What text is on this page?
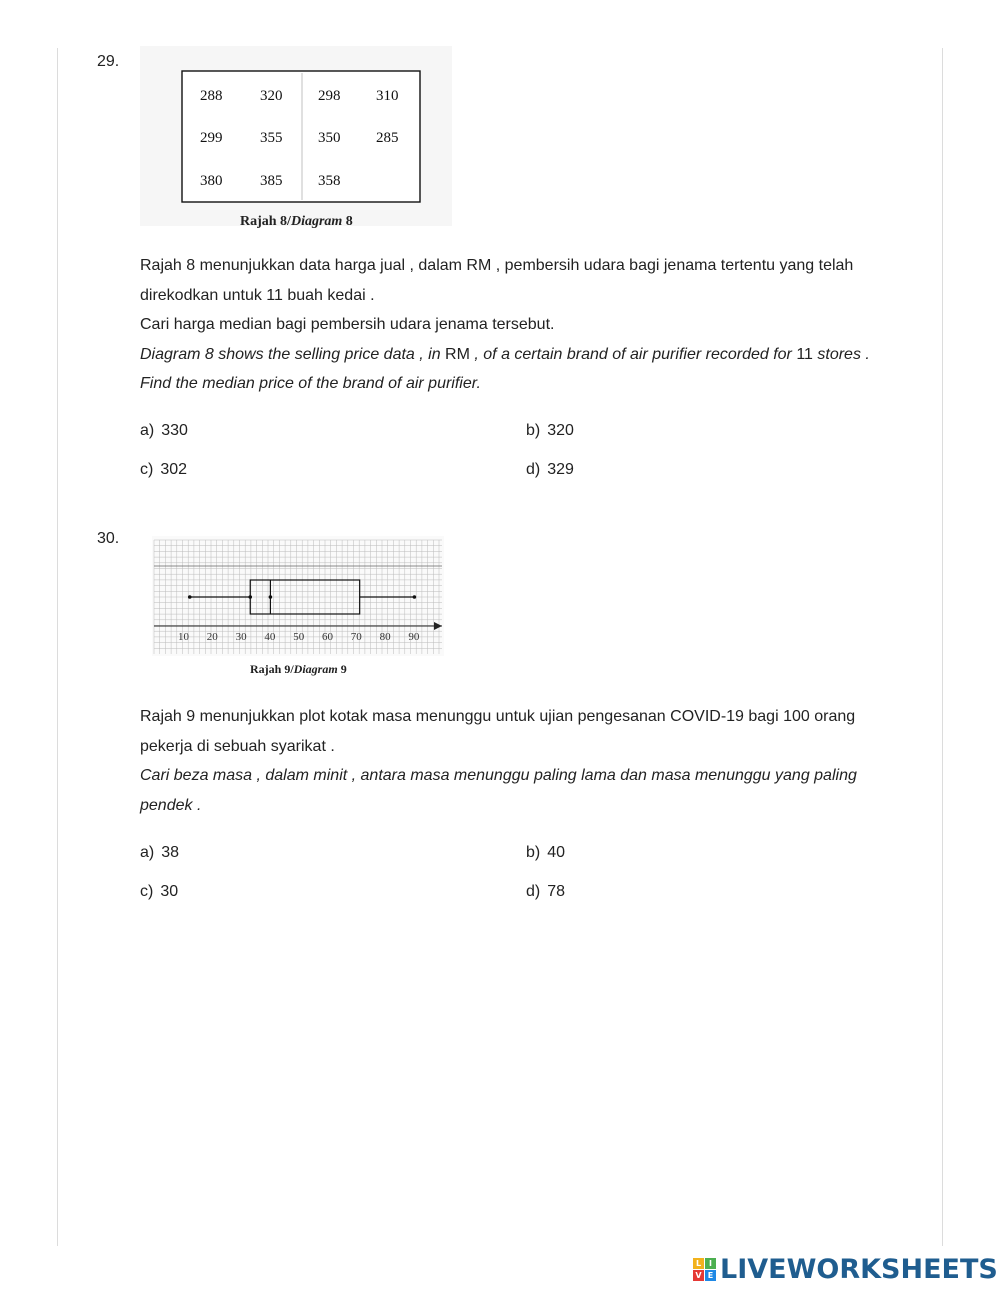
29.
288	320 298 310
299	355 350 285
380	385 358
Rajah 8/Diagram 8
Rajah 8 menunjukkan data harga jual , dalam RM , pembersih udara bagi jenama tertentu yang telah
direkodkan untuk 11 buah kedai .
Cari harga median bagi pembersih udara jenama tersebut.
Diagram 8 shows the selling price data , in RM , of a certain brand of air purifier recorded for 11 stores .
Find the median price of the brand of air purifier.
a) 330	b) 320
c) 302	d) 329
30.
10 20 30 40 50 60 70 80 90
Rajah 9/Diagram 9
Rajah 9 menunjukkan plot kotak masa menunggu untuk ujian pengesanan COVID-19 bagi 100 orang
pekerja di sebuah syarikat .
Cari beza masa , dalam minit , antara masa menunggu paling lama dan masa menunggu yang paling
pendek .
a) 38	b) 40
c) 30	d) 78
L I
V E LIVEWORKSHEETS
